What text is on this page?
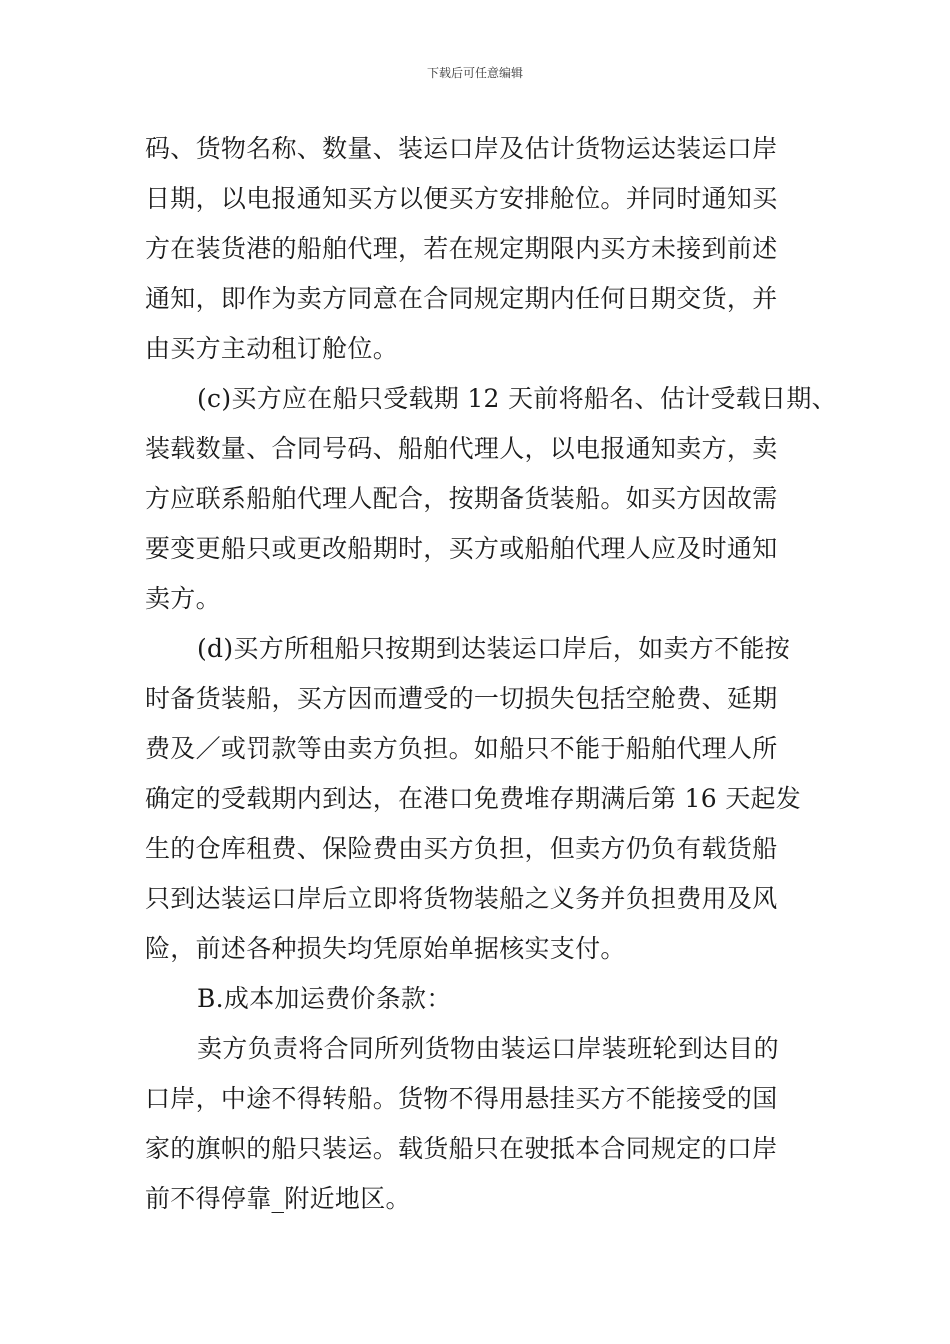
下载后可任意编辑
码、货物名称、数量、装运口岸及估计货物运达装运口岸
日期，以电报通知买方以便买方安排舱位。并同时通知买
方在装货港的船舶代理，若在规定期限内买方未接到前述
通知，即作为卖方同意在合同规定期内任何日期交货，并
由买方主动租订舱位。
(c)买方应在船只受载期 12 天前将船名、估计受载日期、
装载数量、合同号码、船舶代理人，以电报通知卖方，卖
方应联系船舶代理人配合，按期备货装船。如买方因故需
要变更船只或更改船期时，买方或船舶代理人应及时通知
卖方。
(d)买方所租船只按期到达装运口岸后，如卖方不能按
时备货装船，买方因而遭受的一切损失包括空舱费、延期
费及／或罚款等由卖方负担。如船只不能于船舶代理人所
确定的受载期内到达，在港口免费堆存期满后第 16 天起发
生的仓库租费、保险费由买方负担，但卖方仍负有载货船
只到达装运口岸后立即将货物装船之义务并负担费用及风
险，前述各种损失均凭原始单据核实支付。
B.成本加运费价条款：
卖方负责将合同所列货物由装运口岸装班轮到达目的
口岸，中途不得转船。货物不得用悬挂买方不能接受的国
家的旗帜的船只装运。载货船只在驶抵本合同规定的口岸
前不得停靠_附近地区。
